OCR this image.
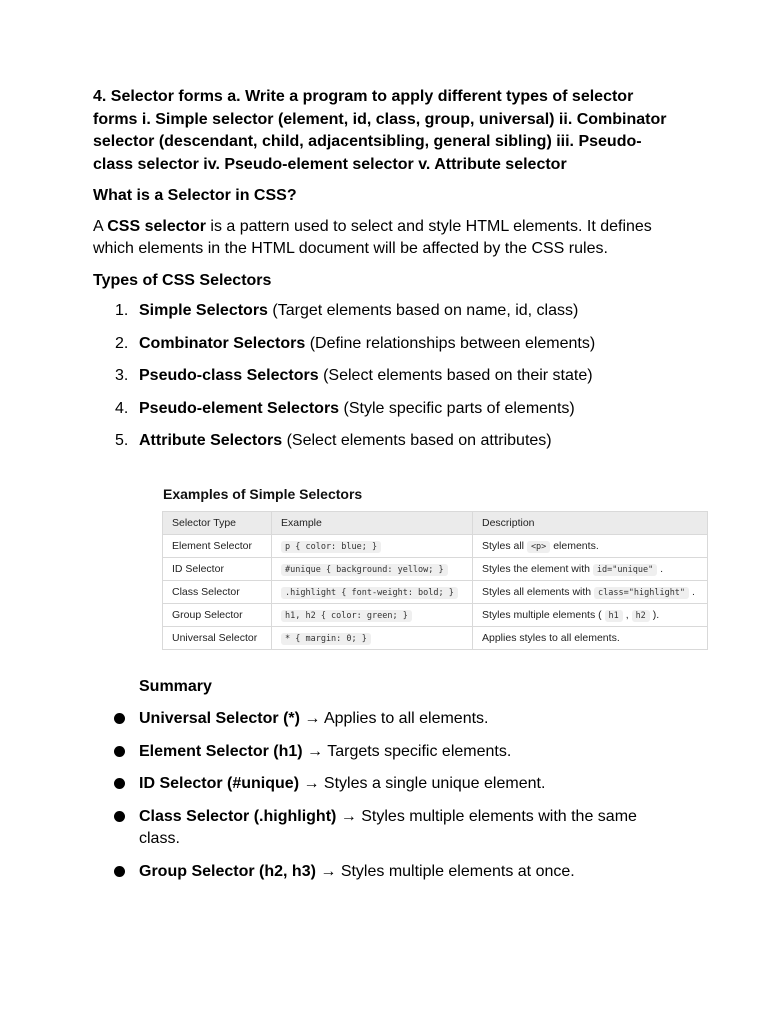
4. Selector forms a. Write a program to apply different types of selector forms i. Simple selector (element, id, class, group, universal) ii. Combinator selector (descendant, child, adjacentsibling, general sibling) iii. Pseudo-class selector iv. Pseudo-element selector v. Attribute selector

What is a Selector in CSS?

A CSS selector is a pattern used to select and style HTML elements. It defines which elements in the HTML document will be affected by the CSS rules.

Types of CSS Selectors

1. Simple Selectors (Target elements based on name, id, class)
2. Combinator Selectors (Define relationships between elements)
3. Pseudo-class Selectors (Select elements based on their state)
4. Pseudo-element Selectors (Style specific parts of elements)
5. Attribute Selectors (Select elements based on attributes)

Examples of Simple Selectors

Selector Type	Example	Description
Element Selector	p { color: blue; }	Styles all <p> elements.
ID Selector	#unique { background: yellow; }	Styles the element with id="unique" .
Class Selector	.highlight { font-weight: bold; }	Styles all elements with class="highlight" .
Group Selector	h1, h2 { color: green; }	Styles multiple elements ( h1 , h2 ).
Universal Selector	* { margin: 0; }	Applies styles to all elements.
Summary
Universal Selector (*) → Applies to all elements.
Element Selector (h1) → Targets specific elements.
ID Selector (#unique) → Styles a single unique element.
Class Selector (.highlight) → Styles multiple elements with the same class.
Group Selector (h2, h3) → Styles multiple elements at once.
